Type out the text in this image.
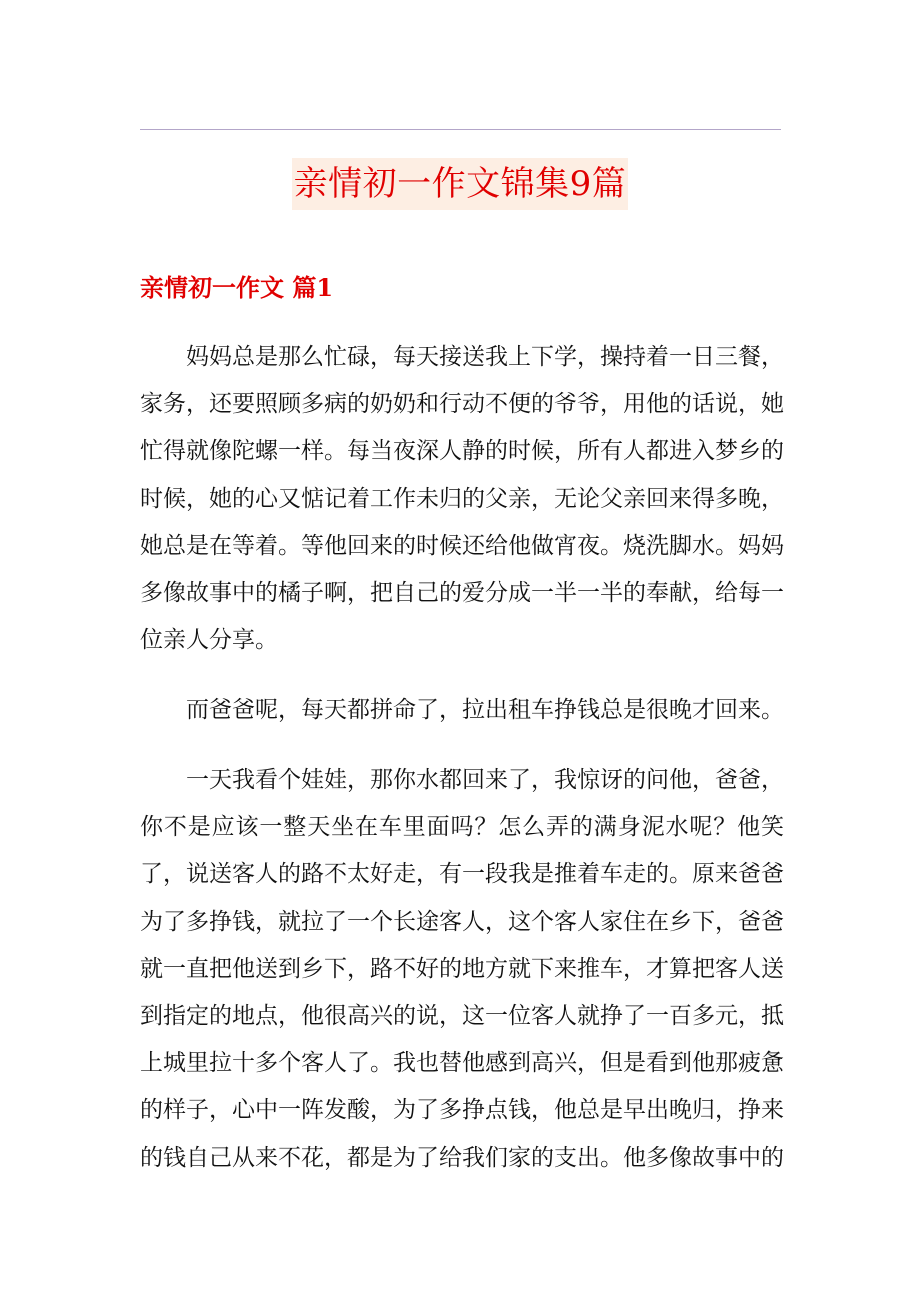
亲情初一作文锦集9篇
亲情初一作文 篇1

妈妈总是那么忙碌，每天接送我上下学，操持着一日三餐，家务，还要照顾多病的奶奶和行动不便的爷爷，用他的话说，她忙得就像陀螺一样。每当夜深人静的时候，所有人都进入梦乡的时候，她的心又惦记着工作未归的父亲，无论父亲回来得多晚，她总是在等着。等他回来的时候还给他做宵夜。烧洗脚水。妈妈多像故事中的橘子啊，把自己的爱分成一半一半的奉献，给每一位亲人分享。

而爸爸呢，每天都拼命了，拉出租车挣钱总是很晚才回来。

一天我看个娃娃，那你水都回来了，我惊讶的问他，爸爸，你不是应该一整天坐在车里面吗？怎么弄的满身泥水呢？他笑了，说送客人的路不太好走，有一段我是推着车走的。原来爸爸为了多挣钱，就拉了一个长途客人，这个客人家住在乡下，爸爸就一直把他送到乡下，路不好的地方就下来推车，才算把客人送到指定的地点，他很高兴的说，这一位客人就挣了一百多元，抵上城里拉十多个客人了。我也替他感到高兴，但是看到他那疲惫的样子，心中一阵发酸，为了多挣点钱，他总是早出晚归，挣来的钱自己从来不花，都是为了给我们家的支出。他多像故事中的
